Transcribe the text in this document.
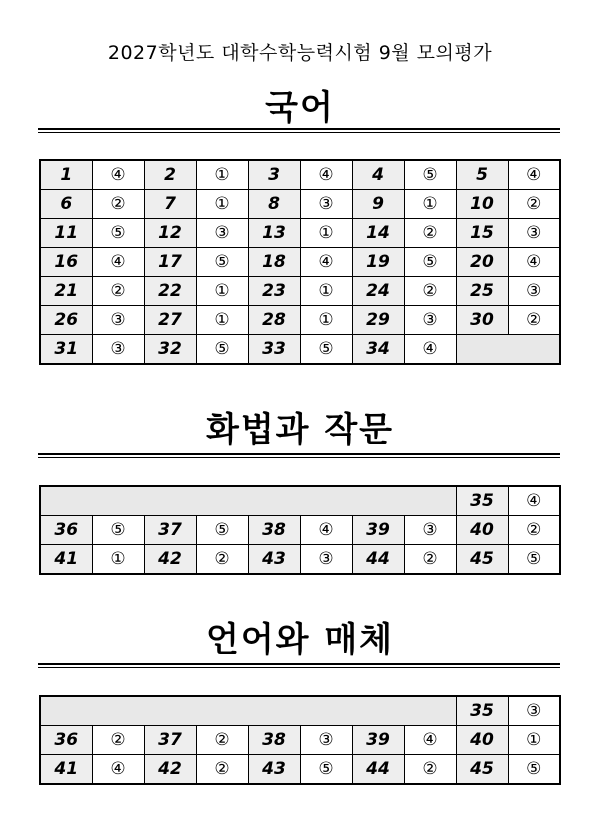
2027학년도 대학수학능력시험 9월 모의평가
국어
1	④	2	①	3	④	4	⑤	5	④
6	②	7	①	8	③	9	①	10	②
11	⑤	12	③	13	①	14	②	15	③
16	④	17	⑤	18	④	19	⑤	20	④
21	②	22	①	23	①	24	②	25	③
26	③	27	①	28	①	29	③	30	②
31	③	32	⑤	33	⑤	34	④		
화법과 작문
								35	④
36	⑤	37	⑤	38	④	39	③	40	②
41	①	42	②	43	③	44	②	45	⑤
언어와 매체
								35	③
36	②	37	②	38	③	39	④	40	①
41	④	42	②	43	⑤	44	②	45	⑤
